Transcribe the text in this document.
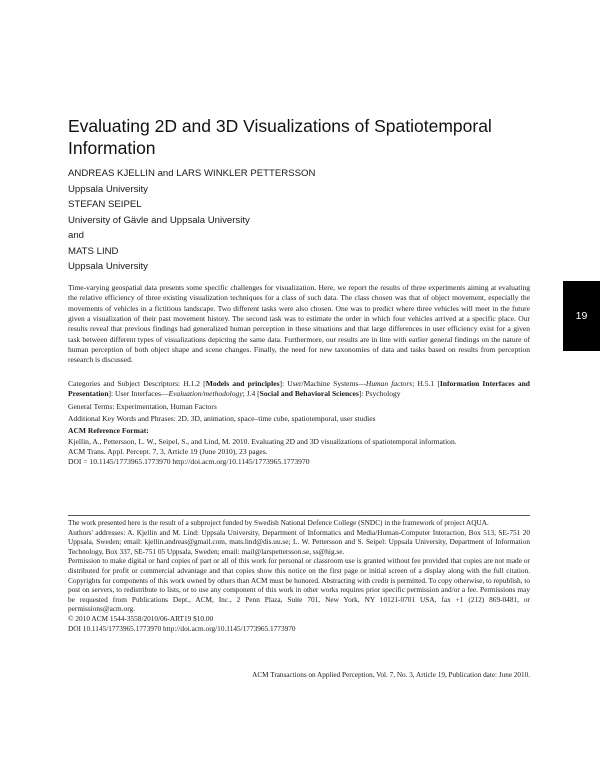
Evaluating 2D and 3D Visualizations of Spatiotemporal Information
ANDREAS KJELLIN and LARS WINKLER PETTERSSON
Uppsala University
STEFAN SEIPEL
University of Gävle and Uppsala University
and
MATS LIND
Uppsala University
Time-varying geospatial data presents some specific challenges for visualization. Here, we report the results of three experiments aiming at evaluating the relative efficiency of three existing visualization techniques for a class of such data. The class chosen was that of object movement, especially the movements of vehicles in a fictitious landscape. Two different tasks were also chosen. One was to predict where three vehicles will meet in the future given a visualization of their past movement history. The second task was to estimate the order in which four vehicles arrived at a specific place. Our results reveal that previous findings had generalized human perception in these situations and that large differences in user efficiency exist for a given task between different types of visualizations depicting the same data. Furthermore, our results are in line with earlier general findings on the nature of human perception of both object shape and scene changes. Finally, the need for new taxonomies of data and tasks based on results from perception research is discussed.

Categories and Subject Descriptors: H.1.2 [Models and principles]: User/Machine Systems—Human factors; H.5.1 [Information Interfaces and Presentation]: User Interfaces—Evaluation/methodology; J.4 [Social and Behavioral Sciences]: Psychology

General Terms: Experimentation, Human Factors

Additional Key Words and Phrases: 2D, 3D, animation, space–time cube, spatiotemporal, user studies

ACM Reference Format:

Kjellin, A., Pettersson, L. W., Seipel, S., and Lind, M. 2010. Evaluating 2D and 3D visualizations of spatiotemporal information.

ACM Trans. Appl. Percept. 7, 3, Article 19 (June 2010), 23 pages.

DOI = 10.1145/1773965.1773970 http://doi.acm.org/10.1145/1773965.1773970

The work presented here is the result of a subproject funded by Swedish National Defence College (SNDC) in the framework of project AQUA.

Authors' addresses: A. Kjellin and M. Lind: Uppsala University, Department of Informatics and Media/Human-Computer Interaction, Box 513, SE-751 20 Uppsala, Sweden; email: kjellin.andreas@gmail.com, mats.lind@dis.uu.se; L. W. Pettersson and S. Seipel: Uppsala University, Department of Information Technology, Box 337, SE-751 05 Uppsala, Sweden; email: mail@larspettersson.se, ss@hig.se.

Permission to make digital or hard copies of part or all of this work for personal or classroom use is granted without fee provided that copies are not made or distributed for profit or commercial advantage and that copies show this notice on the first page or initial screen of a display along with the full citation. Copyrights for components of this work owned by others than ACM must be honored. Abstracting with credit is permitted. To copy otherwise, to republish, to post on servers, to redistribute to lists, or to use any component of this work in other works requires prior specific permission and/or a fee. Permissions may be requested from Publications Dept., ACM, Inc., 2 Penn Plaza, Suite 701, New York, NY 10121-0701 USA, fax +1 (212) 869-0481, or permissions@acm.org.

© 2010 ACM 1544-3558/2010/06-ART19 $10.00

DOI 10.1145/1773965.1773970 http://doi.acm.org/10.1145/1773965.1773970

ACM Transactions on Applied Perception, Vol. 7, No. 3, Article 19, Publication date: June 2010.
19
